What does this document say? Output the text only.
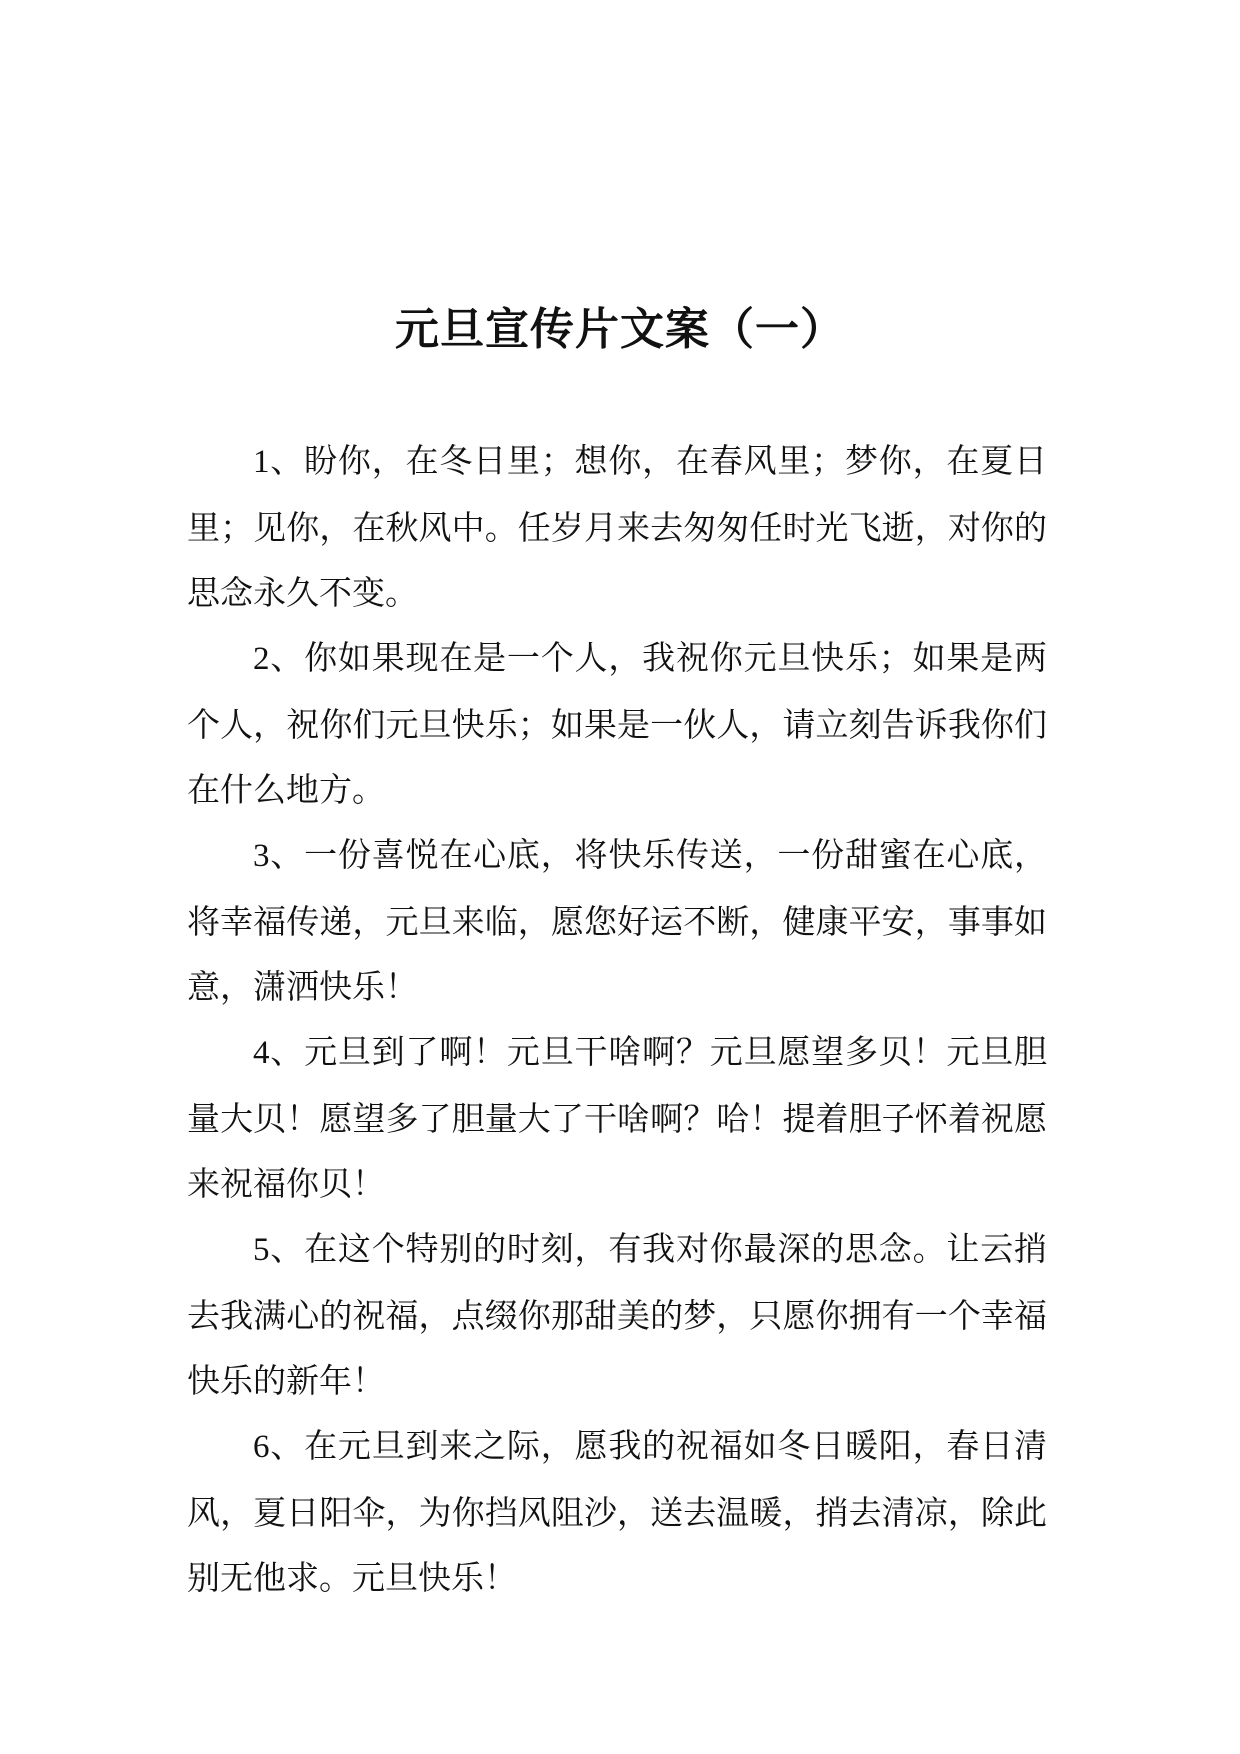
元旦宣传片文案（一）

1、盼你，在冬日里；想你，在春风里；梦你，在夏日里；见你，在秋风中。任岁月来去匆匆任时光飞逝，对你的思念永久不变。

2、你如果现在是一个人，我祝你元旦快乐；如果是两个人，祝你们元旦快乐；如果是一伙人，请立刻告诉我你们在什么地方。

3、一份喜悦在心底，将快乐传送，一份甜蜜在心底，将幸福传递，元旦来临，愿您好运不断，健康平安，事事如意，潇洒快乐！

4、元旦到了啊！元旦干啥啊？元旦愿望多贝！元旦胆量大贝！愿望多了胆量大了干啥啊？哈！提着胆子怀着祝愿来祝福你贝！

5、在这个特别的时刻，有我对你最深的思念。让云捎去我满心的祝福，点缀你那甜美的梦，只愿你拥有一个幸福快乐的新年！

6、在元旦到来之际，愿我的祝福如冬日暖阳，春日清风，夏日阳伞，为你挡风阻沙，送去温暖，捎去清凉，除此别无他求。元旦快乐！
